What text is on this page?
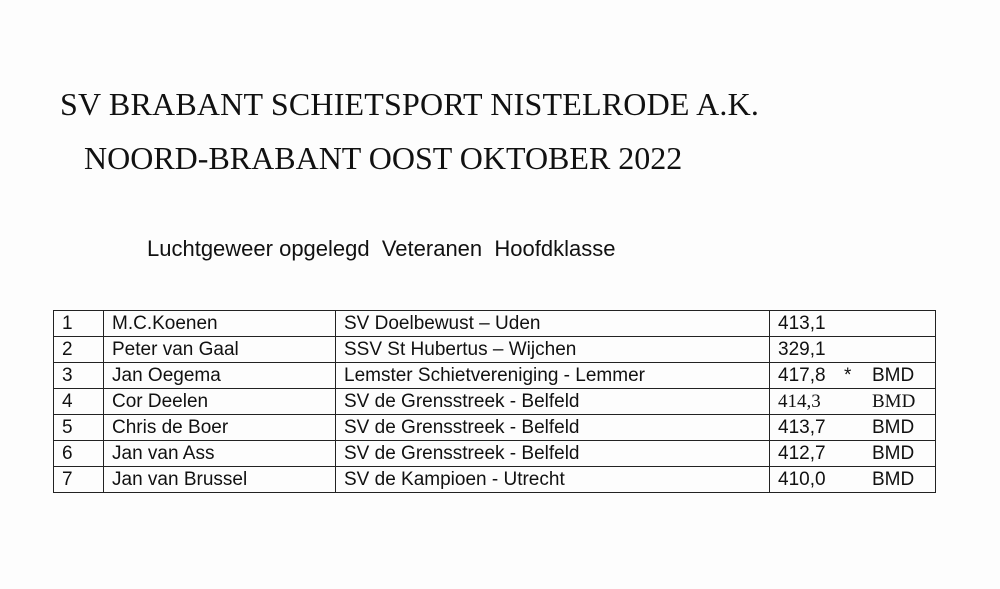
SV BRABANT SCHIETSPORT NISTELRODE A.K.
NOORD-BRABANT OOST OKTOBER 2022
Luchtgeweer opgelegd  Veteranen  Hoofdklasse
1	M.C.Koenen	SV Doelbewust – Uden	413,1

2	Peter van Gaal	SSV St Hubertus – Wijchen	329,1

3	Jan Oegema	Lemster Schietvereniging - Lemmer	417,8 * BMD

4	Cor Deelen	SV de Grensstreek - Belfeld	414,3 BMD

5	Chris de Boer	SV de Grensstreek - Belfeld	413,7 BMD

6	Jan van Ass	SV de Grensstreek - Belfeld	412,7 BMD

7	Jan van Brussel	SV de Kampioen - Utrecht	410,0 BMD
